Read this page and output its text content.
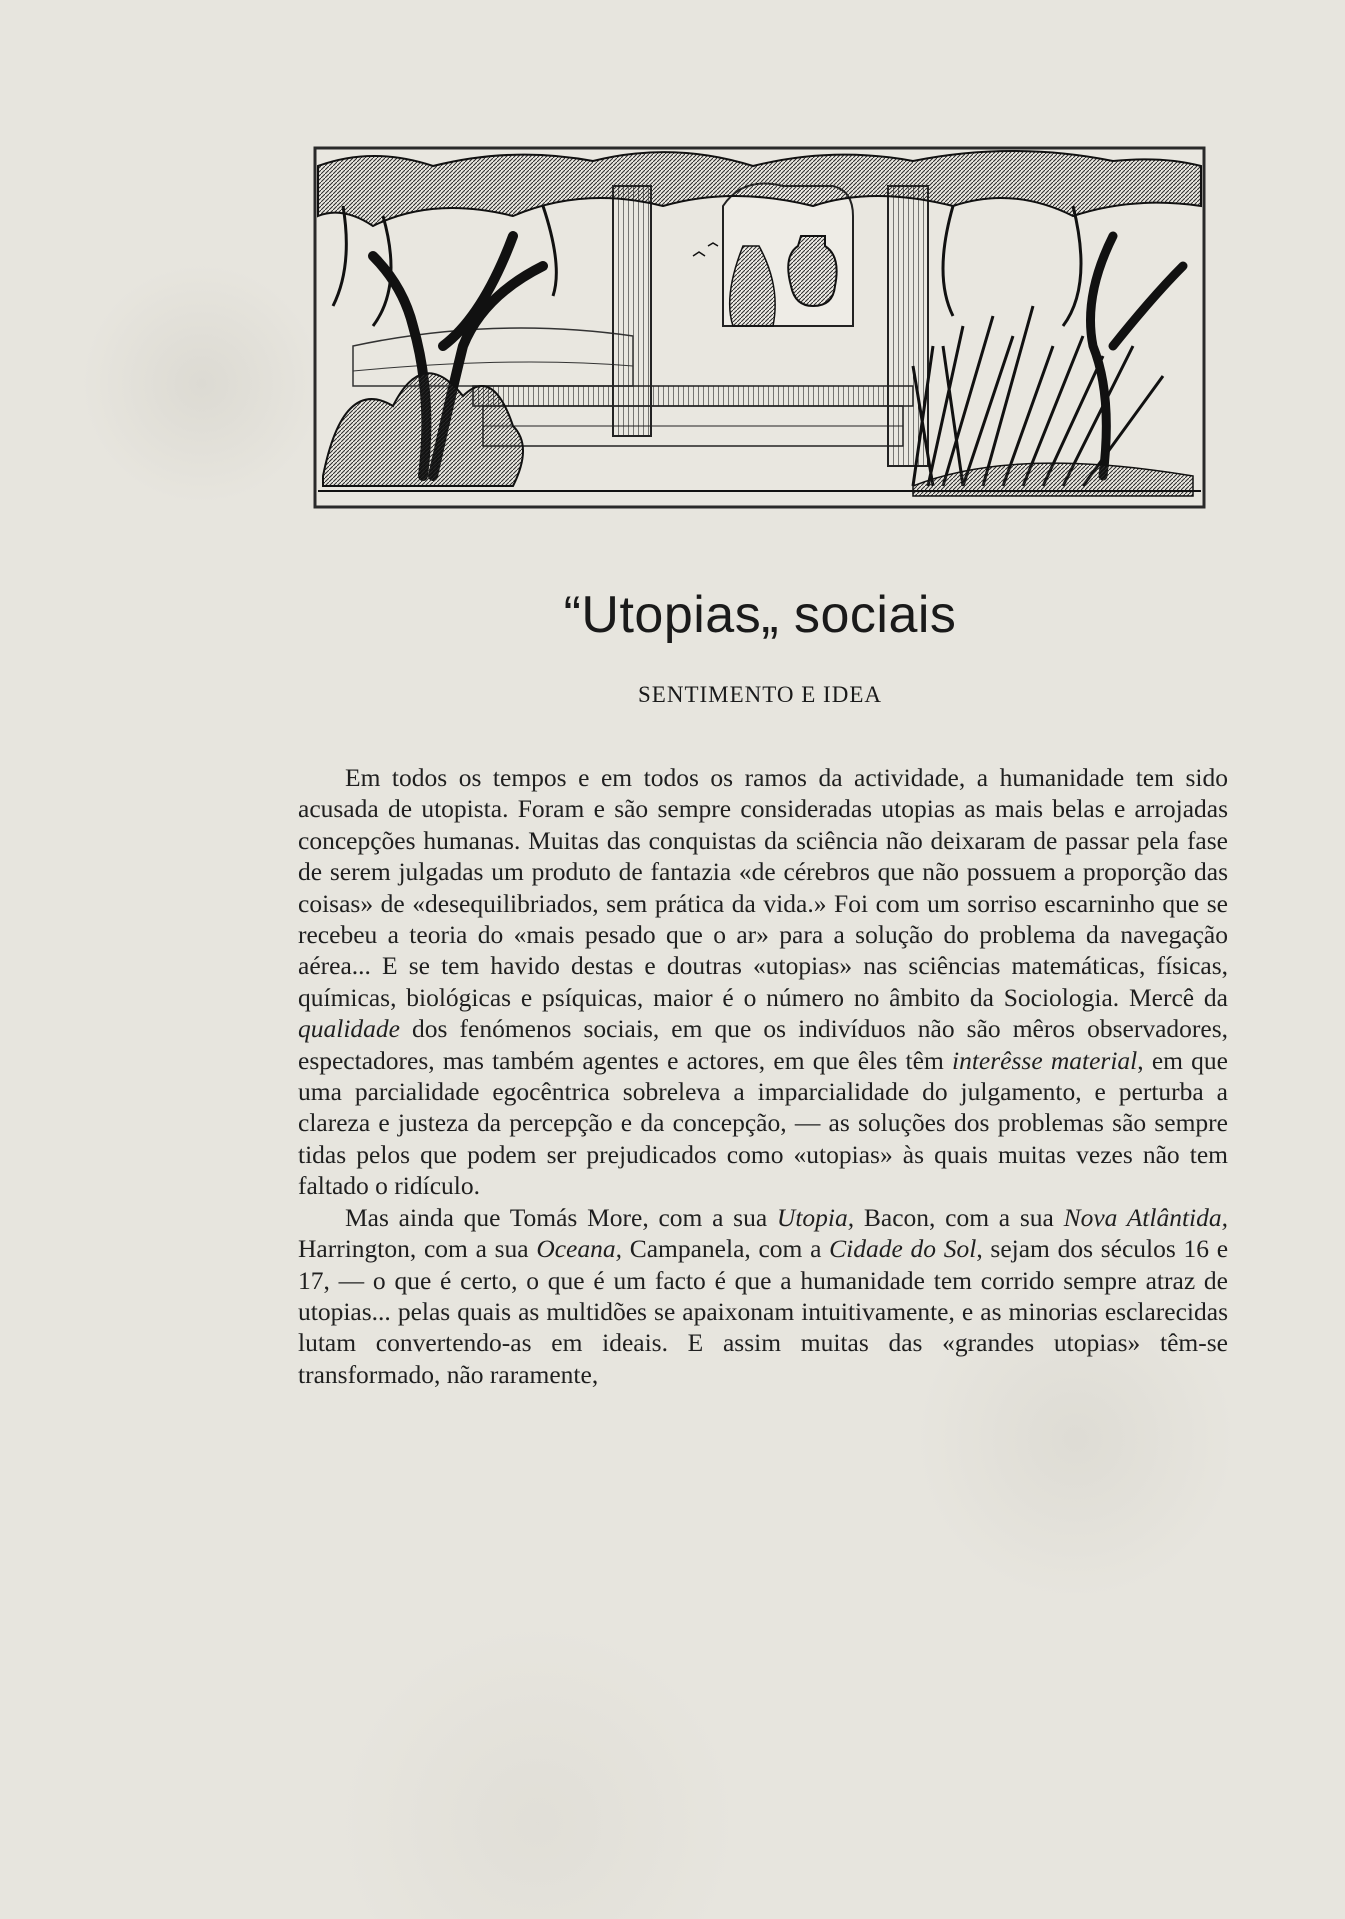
“Utopias„ sociais
SENTIMENTO E IDEA

Em todos os tempos e em todos os ramos da actividade, a humanidade tem sido acusada de utopista. Foram e são sempre consideradas utopias as mais belas e arrojadas concepções humanas. Muitas das conquistas da sciência não deixaram de passar pela fase de serem julgadas um produto de fantazia «de cérebros que não possuem a proporção das coisas» de «desequilibriados, sem prática da vida.» Foi com um sorriso escarninho que se recebeu a teoria do «mais pesado que o ar» para a solução do problema da navegação aérea... E se tem havido destas e doutras «utopias» nas sciências matemáticas, físicas, químicas, biológicas e psíquicas, maior é o número no âmbito da Sociologia. Mercê da qualidade dos fenómenos sociais, em que os indivíduos não são mêros observadores, espectadores, mas também agentes e actores, em que êles têm interêsse material, em que uma parcialidade egocêntrica sobreleva a imparcialidade do julgamento, e perturba a clareza e justeza da percepção e da concepção, — as soluções dos problemas são sempre tidas pelos que podem ser prejudicados como «utopias» às quais muitas vezes não tem faltado o ridículo.

Mas ainda que Tomás More, com a sua Utopia, Bacon, com a sua Nova Atlântida, Harrington, com a sua Oceana, Campanela, com a Cidade do Sol, sejam dos séculos 16 e 17, — o que é certo, o que é um facto é que a humanidade tem corrido sempre atraz de utopias... pelas quais as multidões se apaixonam intuitivamente, e as minorias esclarecidas lutam convertendo-as em ideais. E assim muitas das «grandes utopias» têm-se transformado, não raramente,
